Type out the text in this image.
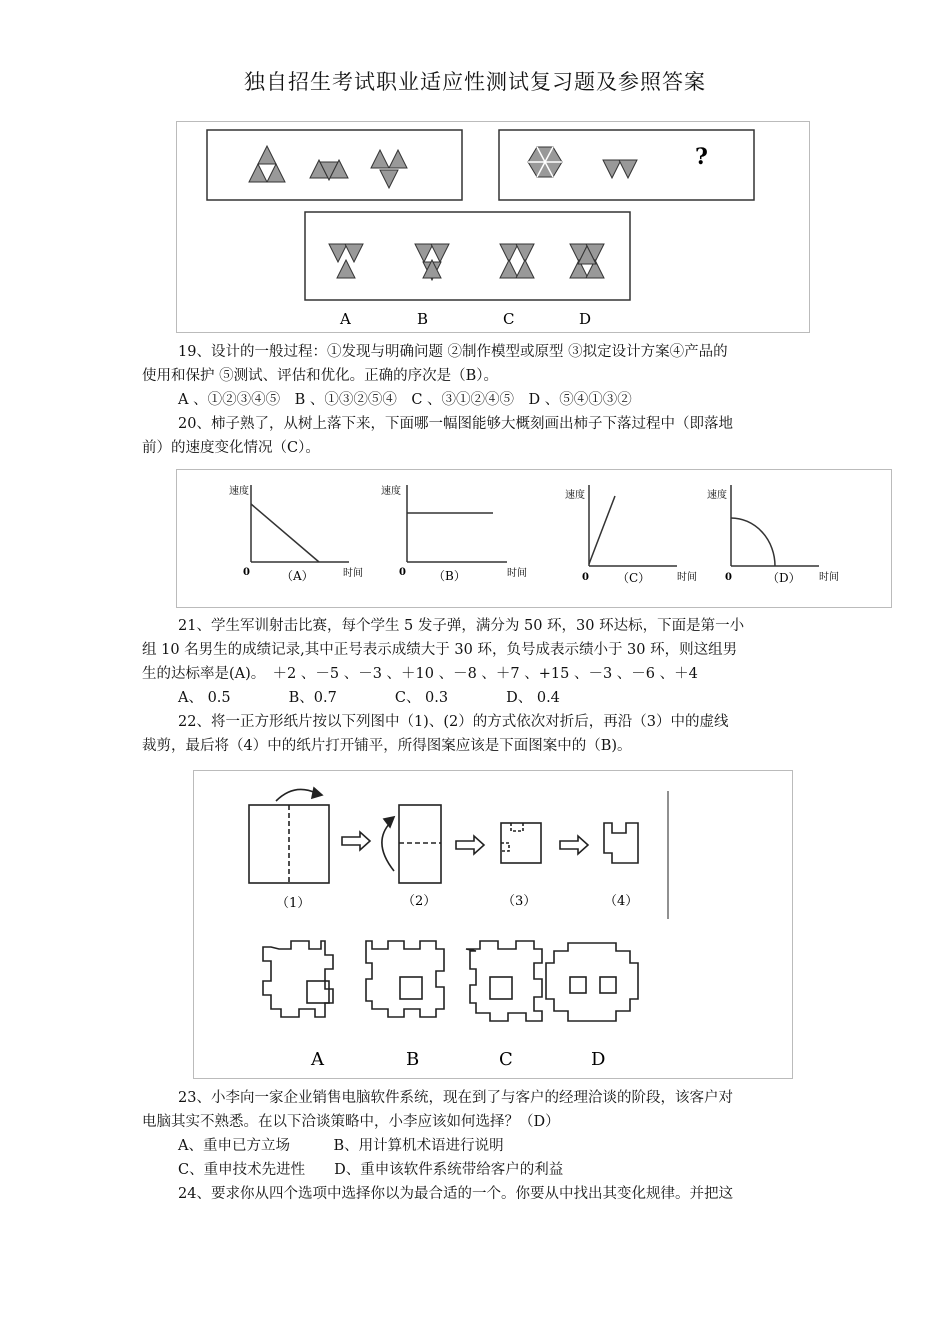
独自招生考试职业适应性测试复习题及参照答案
?
A	B	C	D
19、设计的一般过程：①发现与明确问题 ②制作模型或原型 ③拟定设计方案④产品的
使用和保护 ⑤测试、评估和优化。正确的序次是（B）。
A 、①②③④⑤　B 、①③②⑤④　C 、③①②④⑤　D 、⑤④①③②
20、柿子熟了，从树上落下来，下面哪一幅图能够大概刻画出柿子下落过程中（即落地
前）的速度变化情况（C）。
速度
0	（A）	时间
速度
0 （B）	时间
速度
0 （C）	时间
速度
0	（D） 时间
21、学生军训射击比赛，每个学生 5 发子弹，满分为 50 环，30 环达标，下面是第一小
组 10 名男生的成绩记录,其中正号表示成绩大于 30 环，负号成表示绩小于 30 环，则这组男
生的达标率是(A)。　＋2 、－5 、－3 、＋10 、－8 、＋7 、+15 、－3 、－6 、＋4
A、 0.5　　　　B、0.7　　　　C、 0.3　　　　D、 0.4
22、将一正方形纸片按以下列图中（1)、(2）的方式依次对折后，再沿（3）中的虚线
裁剪，最后将（4）中的纸片打开铺平，所得图案应该是下面图案中的（B)。
（1）	（2）	（3）	（4）
A	B	C	D
23、小李向一家企业销售电脑软件系统，现在到了与客户的经理洽谈的阶段，该客户对
电脑其实不熟悉。在以下洽谈策略中，小李应该如何选择？（D）
A、重申已方立场　　　B、用计算机术语进行说明
C、重申技术先进性　　D、重申该软件系统带给客户的利益
24、要求你从四个选项中选择你以为最合适的一个。你要从中找出其变化规律。并把这
